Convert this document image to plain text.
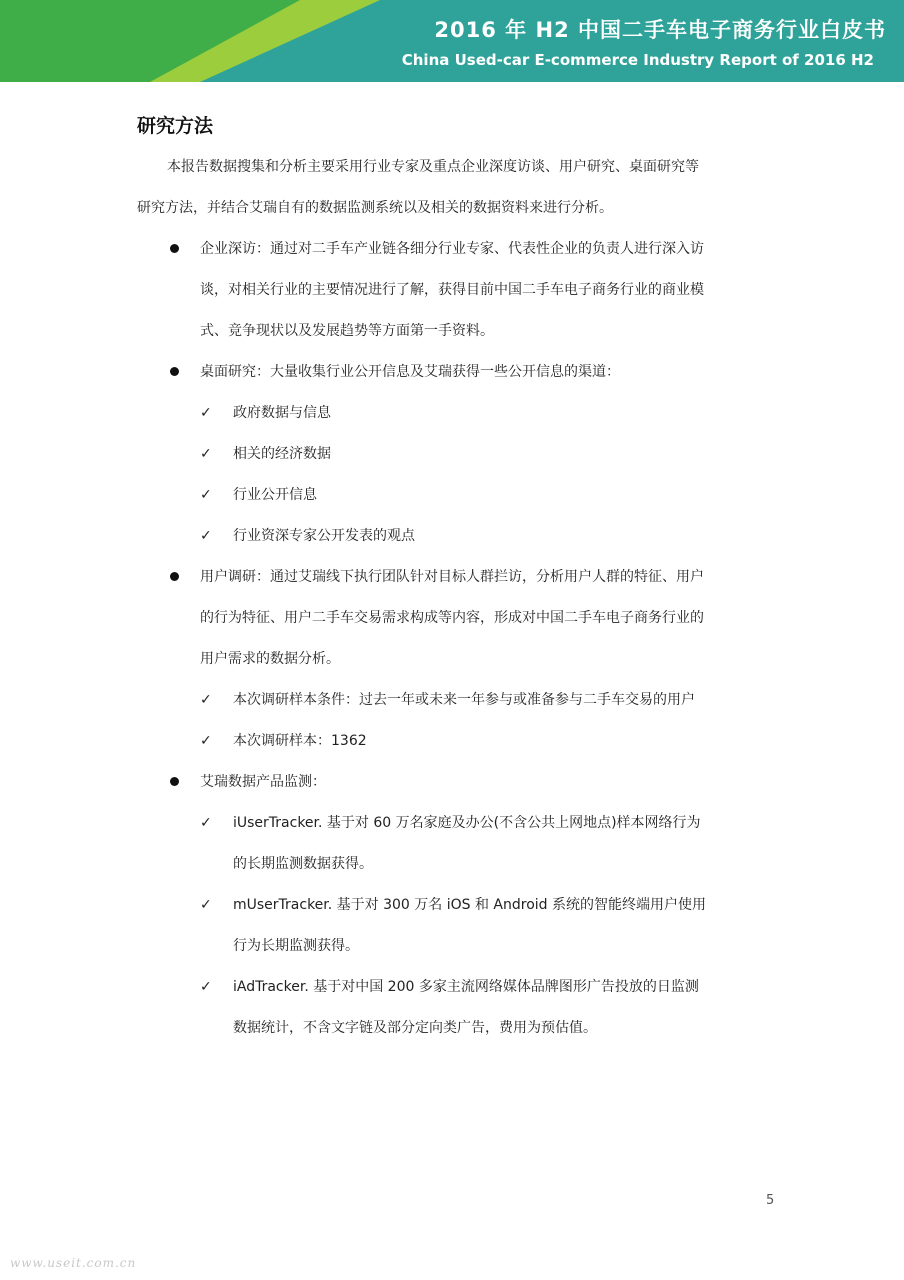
2016 年 H2 中国二手车电子商务行业白皮书
China Used-car E-commerce Industry Report of 2016 H2
研究方法

本报告数据搜集和分析主要采用行业专家及重点企业深度访谈、用户研究、桌面研究等

研究方法，并结合艾瑞自有的数据监测系统以及相关的数据资料来进行分析。

企业深访：通过对二手车产业链各细分行业专家、代表性企业的负责人进行深入访

谈，对相关行业的主要情况进行了解，获得目前中国二手车电子商务行业的商业模

式、竞争现状以及发展趋势等方面第一手资料。

桌面研究：大量收集行业公开信息及艾瑞获得一些公开信息的渠道：

✓ 政府数据与信息

✓ 相关的经济数据

✓ 行业公开信息

✓ 行业资深专家公开发表的观点

用户调研：通过艾瑞线下执行团队针对目标人群拦访，分析用户人群的特征、用户

的行为特征、用户二手车交易需求构成等内容，形成对中国二手车电子商务行业的

用户需求的数据分析。

✓ 本次调研样本条件：过去一年或未来一年参与或准备参与二手车交易的用户

✓ 本次调研样本：1362

艾瑞数据产品监测：

✓ iUserTracker. 基于对 60 万名家庭及办公(不含公共上网地点)样本网络行为

的长期监测数据获得。

✓ mUserTracker. 基于对 300 万名 iOS 和 Android 系统的智能终端用户使用

行为长期监测获得。

✓ iAdTracker. 基于对中国 200 多家主流网络媒体品牌图形广告投放的日监测

数据统计，不含文字链及部分定向类广告，费用为预估值。

5
www.useit.com.cn
